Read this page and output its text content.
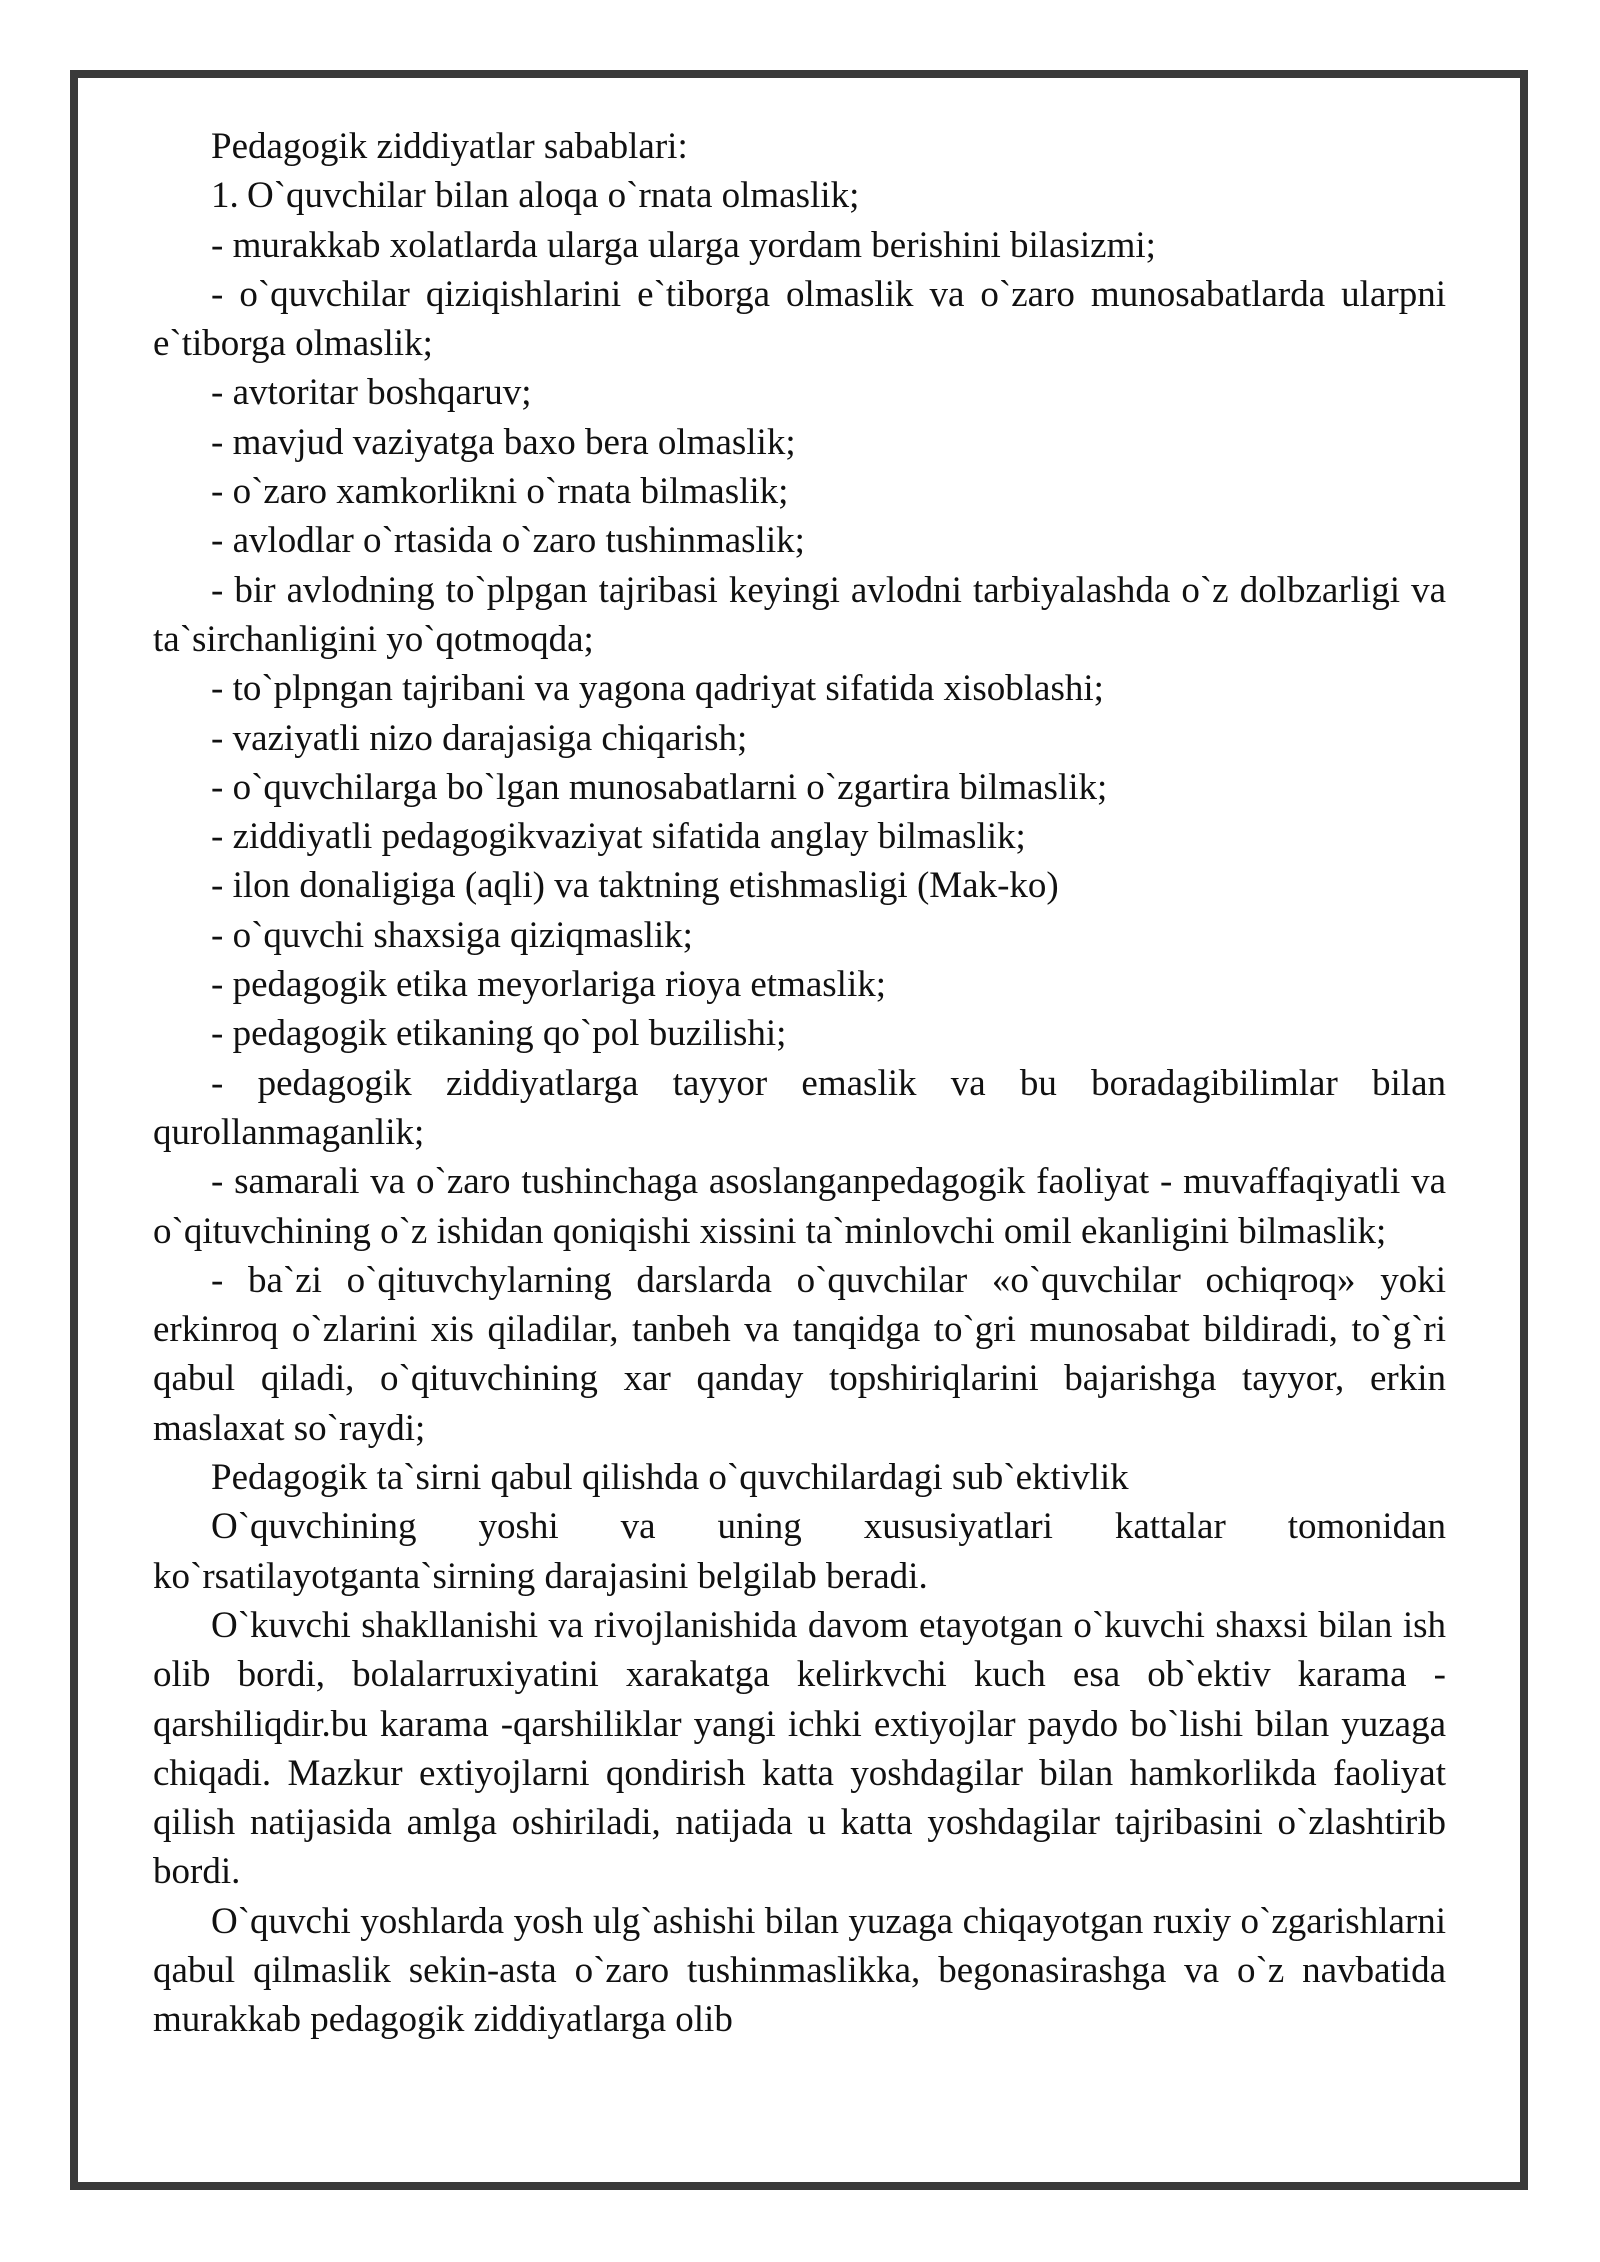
Pedagogik ziddiyatlar sabablari:

1. O`quvchilar bilan aloqa o`rnata olmaslik;

- murakkab xolatlarda ularga ularga yordam berishini bilasizmi;

- o`quvchilar qiziqishlarini e`tiborga olmaslik va o`zaro munosabatlarda ularpni e`tiborga olmaslik;

- avtoritar boshqaruv;

- mavjud vaziyatga baxo bera olmaslik;

- o`zaro xamkorlikni o`rnata bilmaslik;

- avlodlar o`rtasida o`zaro tushinmaslik;

- bir avlodning to`plpgan tajribasi keyingi avlodni tarbiyalashda o`z dolbzarligi va ta`sirchanligini yo`qotmoqda;

- to`plpngan tajribani va yagona qadriyat sifatida xisoblashi;

- vaziyatli nizo darajasiga chiqarish;

- o`quvchilarga bo`lgan munosabatlarni o`zgartira bilmaslik;

- ziddiyatli pedagogikvaziyat sifatida anglay bilmaslik;

- ilon donaligiga (aqli) va taktning etishmasligi (Mak-ko)

- o`quvchi shaxsiga qiziqmaslik;

- pedagogik etika meyorlariga rioya etmaslik;

- pedagogik etikaning qo`pol buzilishi;

- pedagogik ziddiyatlarga tayyor emaslik va bu boradagibilimlar bilan qurollanmaganlik;

- samarali va o`zaro tushinchaga asoslanganpedagogik faoliyat - muvaffaqiyatli va o`qituvchining o`z ishidan qoniqishi xissini ta`minlovchi omil ekanligini bilmaslik;

- ba`zi o`qituvchylarning darslarda o`quvchilar «o`quvchilar ochiqroq» yoki erkinroq o`zlarini xis qiladilar, tanbeh va tanqidga to`gri munosabat bildiradi, to`g`ri qabul qiladi, o`qituvchining xar qanday topshiriqlarini bajarishga tayyor, erkin maslaxat so`raydi;

Pedagogik ta`sirni qabul qilishda o`quvchilardagi sub`ektivlik

O`quvchining yoshi va uning xususiyatlari kattalar tomonidan ko`rsatilayotganta`sirning darajasini belgilab beradi.

O`kuvchi shakllanishi va rivojlanishida davom etayotgan o`kuvchi shaxsi bilan ish olib bordi, bolalarruxiyatini xarakatga kelirkvchi kuch esa ob`ektiv karama - qarshiliqdir.bu karama -qarshiliklar yangi ichki extiyojlar paydo bo`lishi bilan yuzaga chiqadi. Mazkur extiyojlarni qondirish katta yoshdagilar bilan hamkorlikda faoliyat qilish natijasida amlga oshiriladi, natijada u katta yoshdagilar tajribasini o`zlashtirib bordi.

O`quvchi yoshlarda yosh ulg`ashishi bilan yuzaga chiqayotgan ruxiy o`zgarishlarni qabul qilmaslik sekin-asta o`zaro tushinmaslikka, begonasirashga va o`z navbatida murakkab pedagogik ziddiyatlarga olib
